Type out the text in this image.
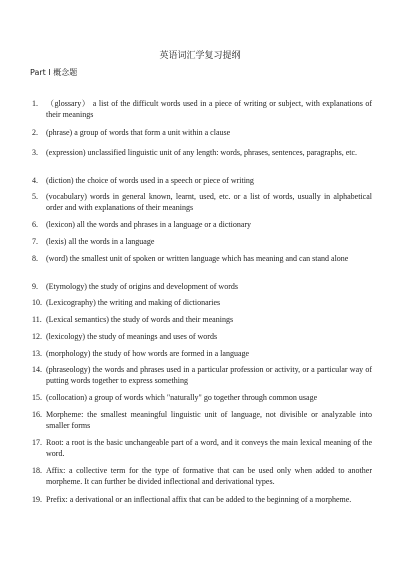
英语词汇学复习提纲
Part I 概念题
1. （glossary） a list of the difficult words used in a piece of writing or subject, with explanations of their meanings
2. (phrase) a group of words that form a unit within a clause
3. (expression) unclassified linguistic unit of any length: words, phrases, sentences, paragraphs, etc.
4. (diction) the choice of words used in a speech or piece of writing
5. (vocabulary) words in general known, learnt, used, etc. or a list of words, usually in alphabetical order and with explanations of their meanings
6. (lexicon) all the words and phrases in a language or a dictionary
7. (lexis) all the words in a language
8. (word) the smallest unit of spoken or written language which has meaning and can stand alone
9. (Etymology) the study of origins and development of words
10. (Lexicography) the writing and making of dictionaries
11. (Lexical semantics) the study of words and their meanings
12. (lexicology) the study of meanings and uses of words
13. (morphology) the study of how words are formed in a language
14. (phraseology) the words and phrases used in a particular profession or activity, or a particular way of putting words together to express something
15. (collocation) a group of words which "naturally" go together through common usage
16. Morpheme: the smallest meaningful linguistic unit of language, not divisible or analyzable into smaller forms
17. Root: a root is the basic unchangeable part of a word, and it conveys the main lexical meaning of the word.
18. Affix: a collective term for the type of formative that can be used only when added to another morpheme. It can further be divided inflectional and derivational types.
19. Prefix: a derivational or an inflectional affix that can be added to the beginning of a morpheme.
